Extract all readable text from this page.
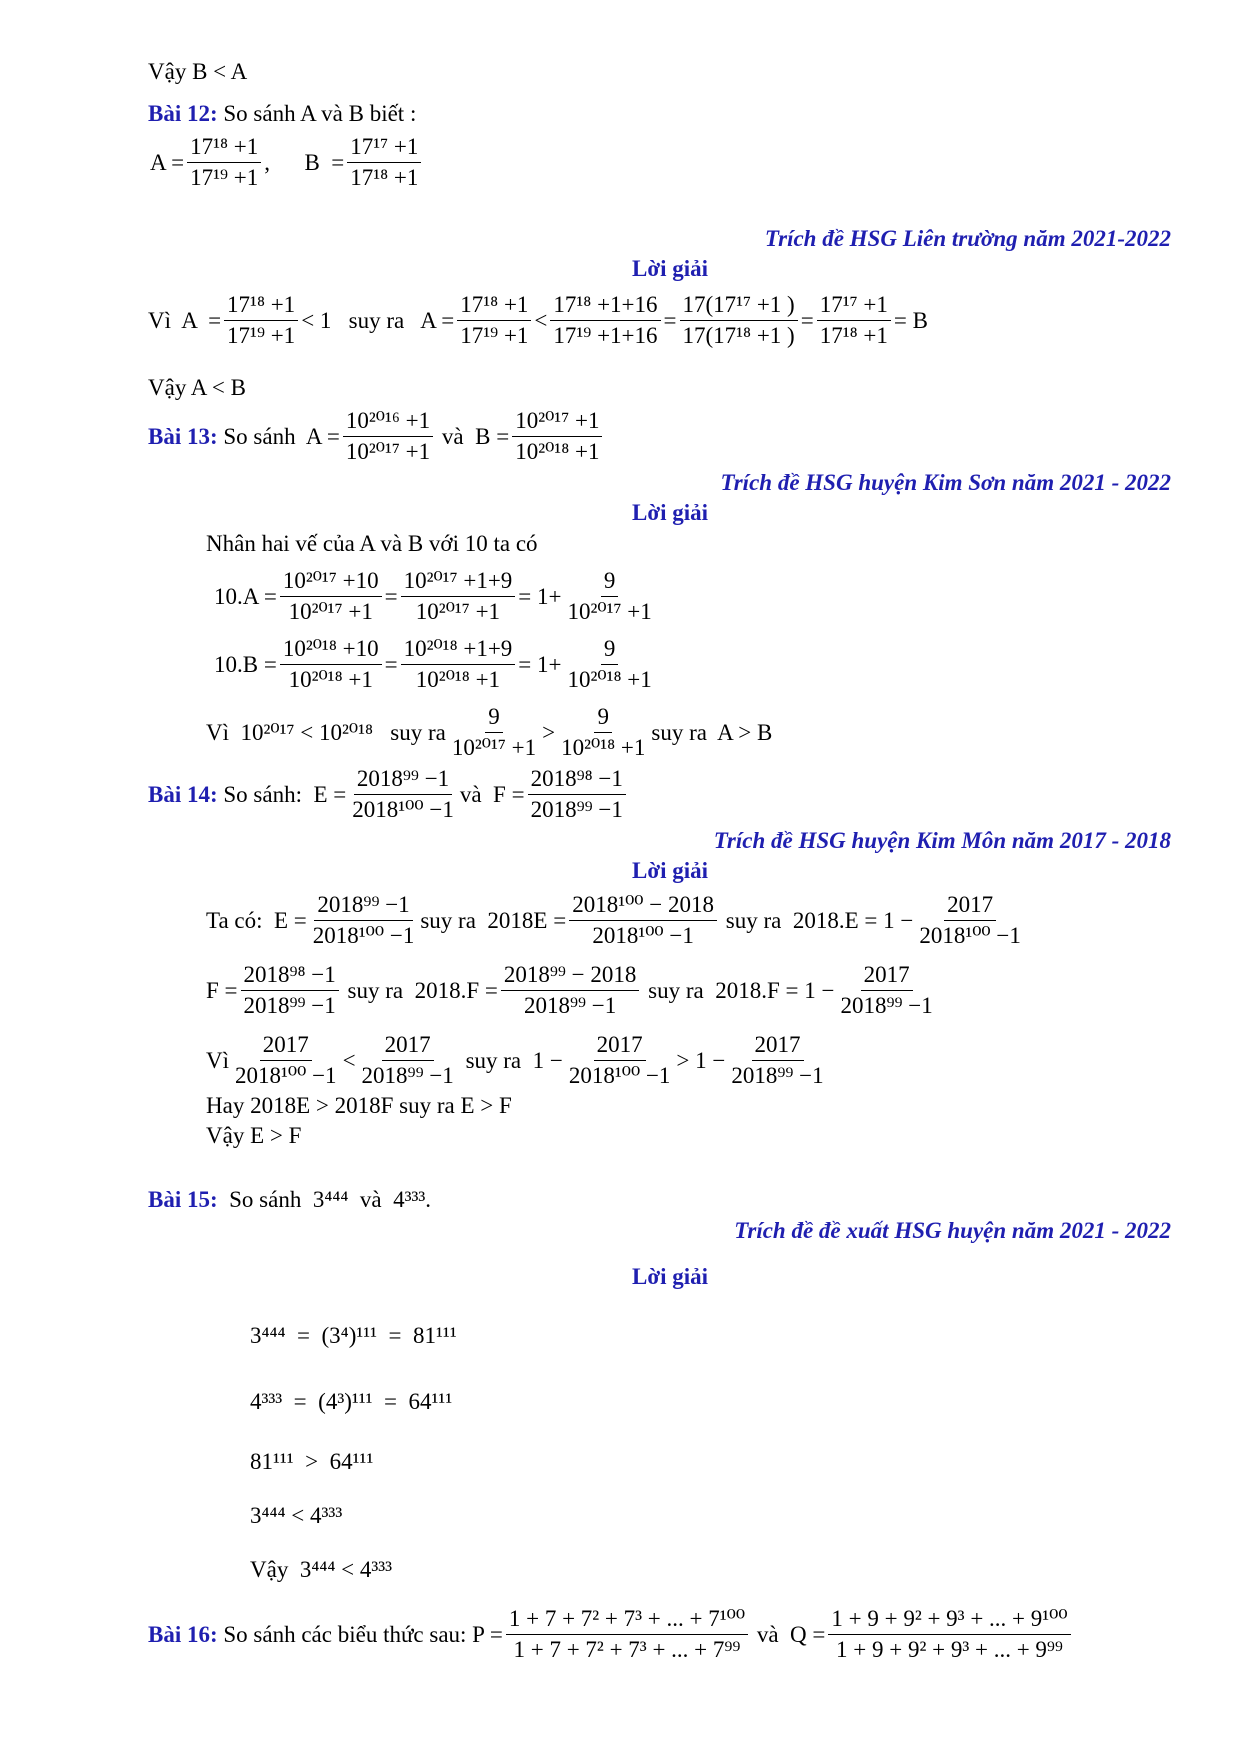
Vậy B < A
Bài 12: So sánh A và B biết :
$A = \frac{\text{17¹⁸ +1}}{\text{17¹⁹ +1}}$ ,      $B = \frac{\text{17¹⁷ +1}}{\text{17¹⁸ +1}}$
Trích đề HSG Liên trường năm 2021-2022
Lời giải
Vì  $A = \frac{\text{17¹⁸ +1}}{\text{17¹⁹ +1}} < 1$   suy ra   $A = \frac{\text{17¹⁸ +1}}{\text{17¹⁹ +1}} < \frac{\text{17¹⁸ +1+16}}{\text{17¹⁹ +1+16}} = \frac{\text{17(17¹⁷ +1 )}}{\text{17(17¹⁸ +1 )}} = \frac{\text{17¹⁷ +1}}{\text{17¹⁸ +1}} = B$
Vậy A < B
Bài 13: So sánh  $A = \frac{\text{10²⁰¹⁶ +1}}{\text{10²⁰¹⁷ +1}}$ và  $B = \frac{\text{10²⁰¹⁷ +1}}{\text{10²⁰¹⁸ +1}}$
Trích đề HSG huyện Kim Sơn năm 2021 - 2022
Lời giải
Nhân hai vế của A và B với 10 ta có
$10.A = \frac{\text{10²⁰¹⁷ +10}}{\text{10²⁰¹⁷ +1}} = \frac{\text{10²⁰¹⁷ +1+9}}{\text{10²⁰¹⁷ +1}} = 1+ \frac{9}{\text{10²⁰¹⁷ +1}}$
$10.B = \frac{\text{10²⁰¹⁸ +10}}{\text{10²⁰¹⁸ +1}} = \frac{\text{10²⁰¹⁸ +1+9}}{\text{10²⁰¹⁸ +1}} = 1+ \frac{9}{\text{10²⁰¹⁸ +1}}$
Vì  10²⁰¹⁷ < 10²⁰¹⁸   suy ra $\frac{9}{\text{10²⁰¹⁷ +1}} > \frac{9}{\text{10²⁰¹⁸ +1}}$ suy ra  A > B
Bài 14: So sánh:  $E = \frac{\text{2018⁹⁹ −1}}{\text{2018¹⁰⁰ −1}}$ và  $F = \frac{\text{2018⁹⁸ −1}}{\text{2018⁹⁹ −1}}$
Trích đề HSG huyện Kim Môn năm 2017 - 2018
Lời giải
Ta có:  $E = \frac{\text{2018⁹⁹ −1}}{\text{2018¹⁰⁰ −1}}$ suy ra  $2018E = \frac{\text{2018¹⁰⁰ − 2018}}{\text{2018¹⁰⁰ −1}}$ suy ra  $2018.E = 1 - \frac{2017}{\text{2018¹⁰⁰ −1}}$
$F = \frac{\text{2018⁹⁸ −1}}{\text{2018⁹⁹ −1}}$ suy ra  $2018.F = \frac{\text{2018⁹⁹ − 2018}}{\text{2018⁹⁹ −1}}$ suy ra  $2018.F = 1 - \frac{2017}{\text{2018⁹⁹ −1}}$
Vì $\frac{2017}{\text{2018¹⁰⁰ −1}} < \frac{2017}{\text{2018⁹⁹ −1}}$ suy ra  $1 - \frac{2017}{\text{2018¹⁰⁰ −1}} > 1 - \frac{2017}{\text{2018⁹⁹ −1}}$
Hay 2018E > 2018F suy ra E > F
Vậy E > F
Bài 15:  So sánh  3⁴⁴⁴  và  4³³³.
Trích đề đề xuất HSG huyện năm 2021 - 2022
Lời giải
3⁴⁴⁴  =  (3⁴)¹¹¹  =  81¹¹¹
4³³³  =  (4³)¹¹¹  =  64¹¹¹
81¹¹¹  >  64¹¹¹
3⁴⁴⁴ < 4³³³
Vậy  3⁴⁴⁴ < 4³³³
Bài 16: So sánh các biểu thức sau: $P = \frac{\text{1 + 7 + 7² + 7³ + ... + 7¹⁰⁰}}{\text{1 + 7 + 7² + 7³ + ... + 7⁹⁹}}$ và  $Q = \frac{\text{1 + 9 + 9² + 9³ + ... + 9¹⁰⁰}}{\text{1 + 9 + 9² + 9³ + ... + 9⁹⁹}}$
